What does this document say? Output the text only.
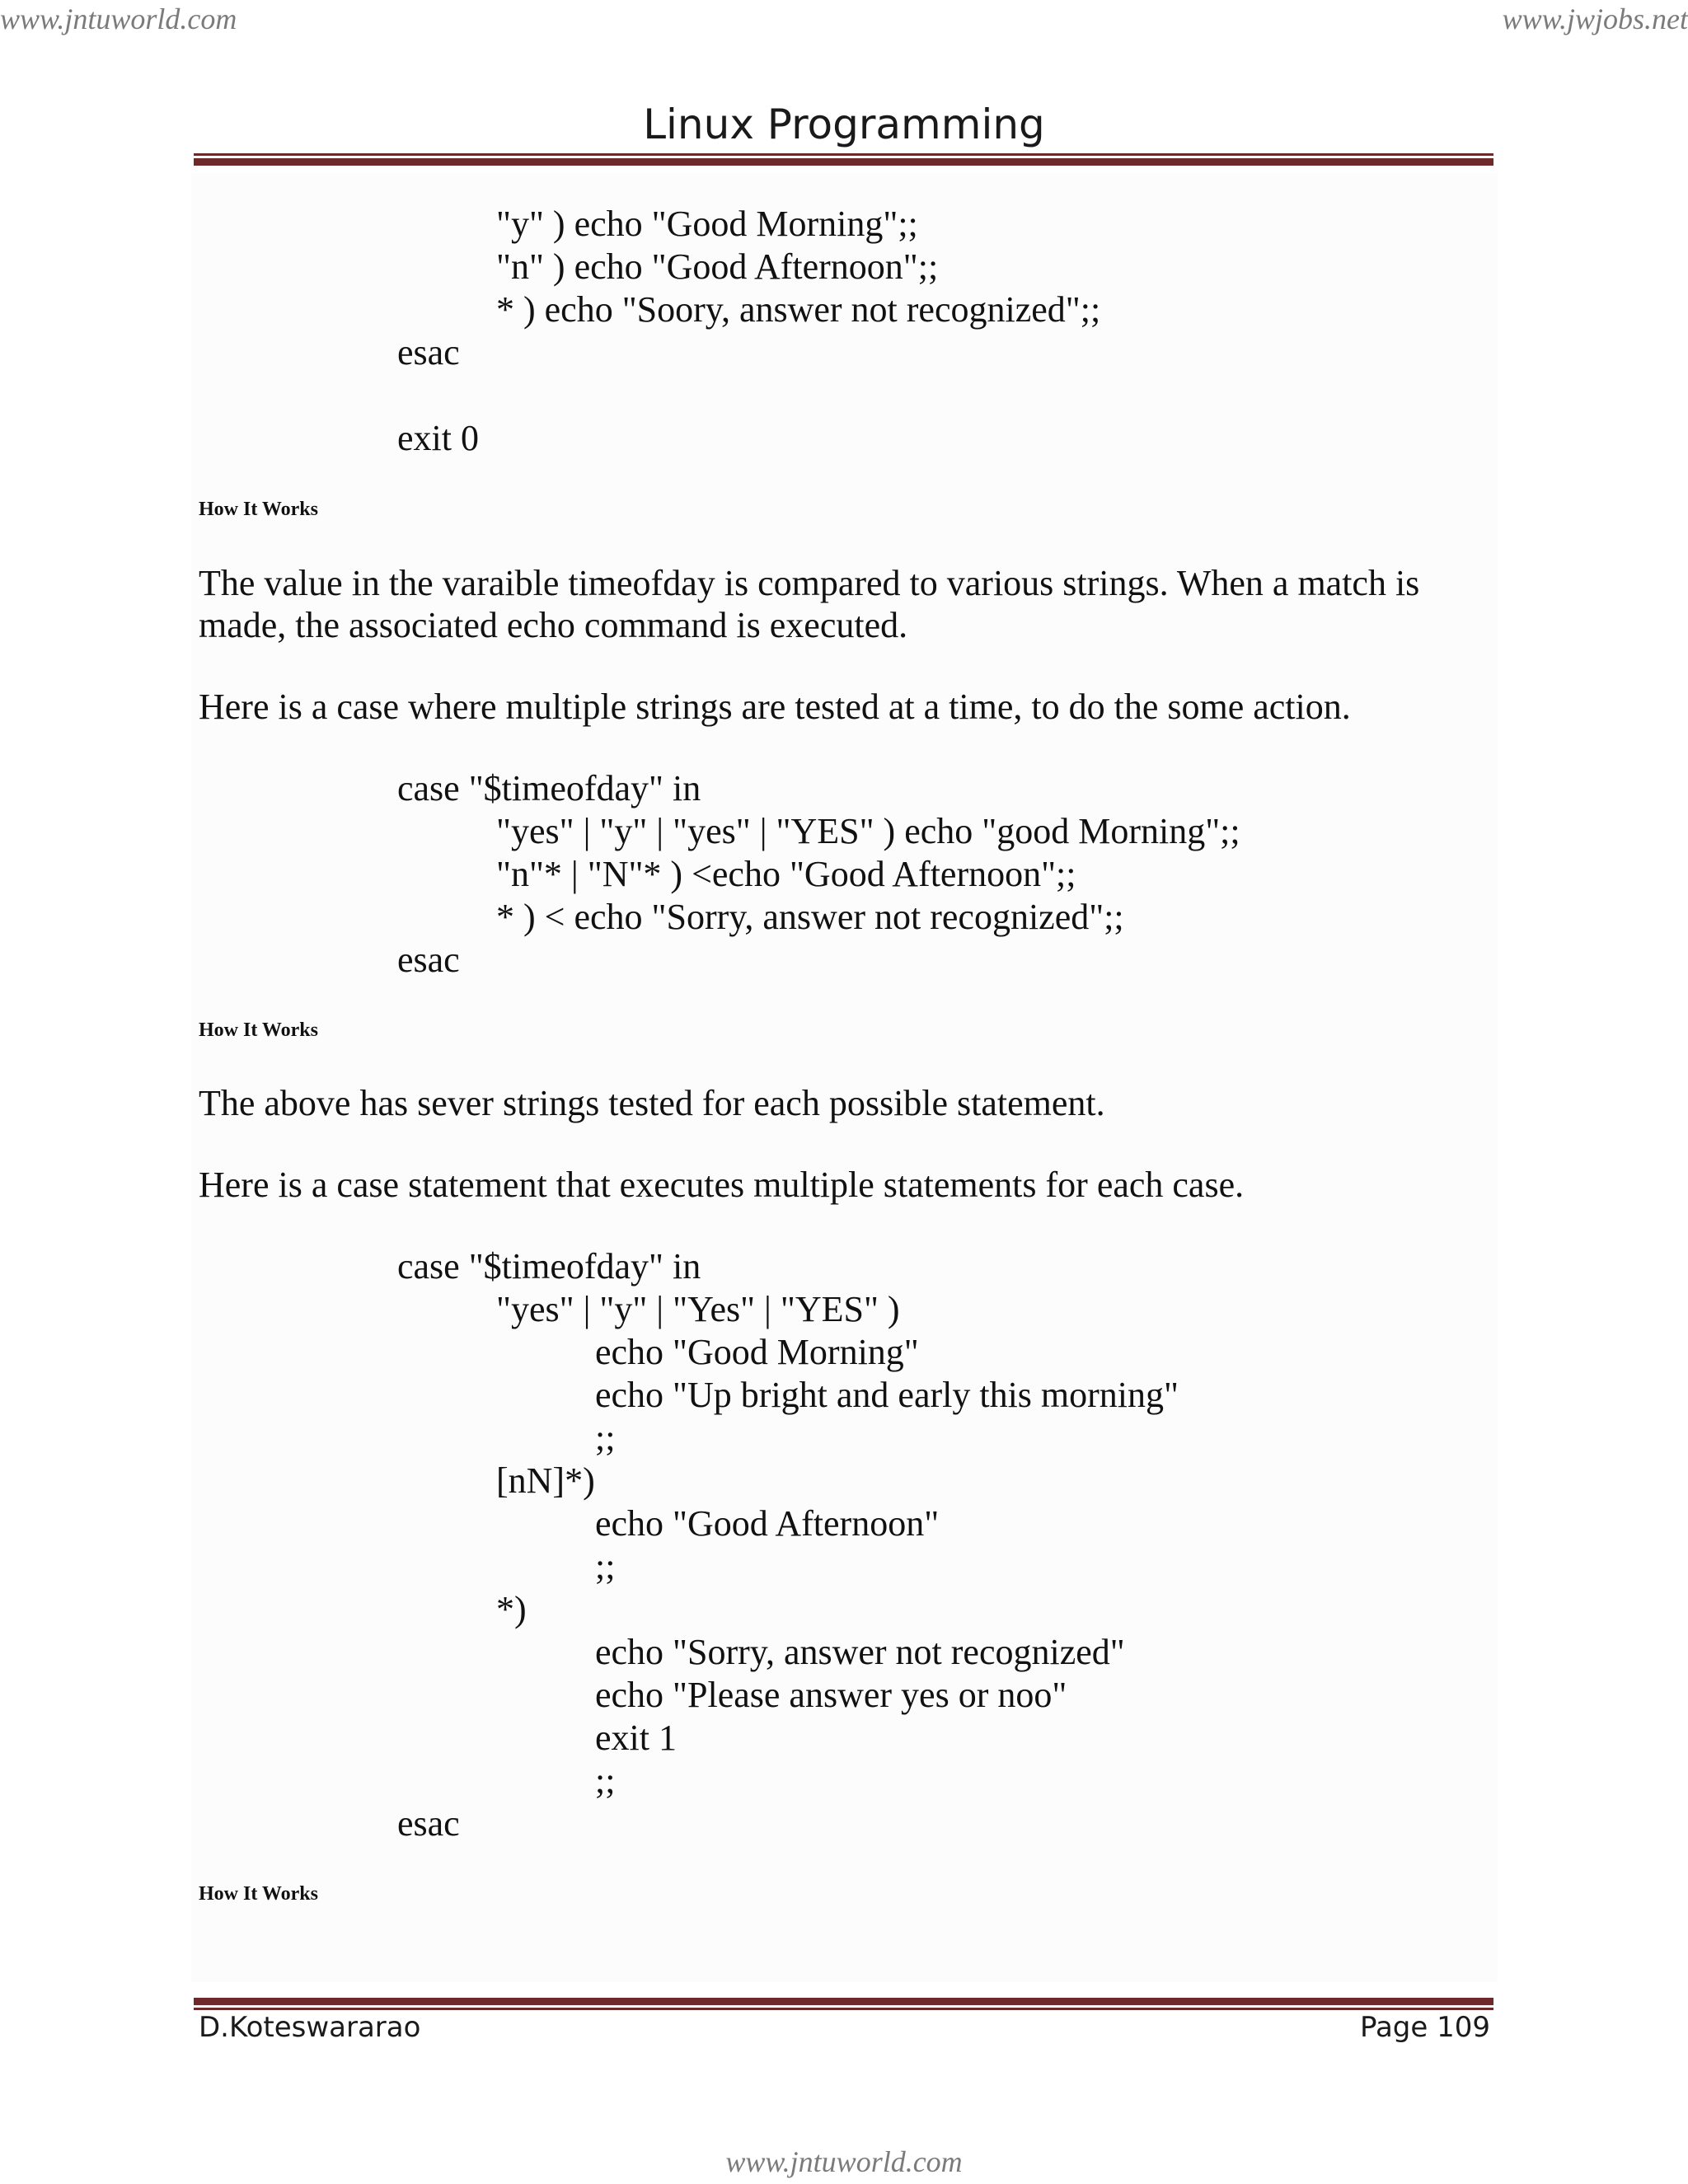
www.jntuworld.com	www.jwjobs.net
Linux Programming
"y" ) echo "Good Morning";;
"n" ) echo "Good Afternoon";;
* ) echo "Soory, answer not recognized";;
esac
exit 0
How It Works
The value in the varaible timeofday is compared to various strings. When a match is
made, the associated echo command is executed.
Here is a case where multiple strings are tested at a time, to do the some action.
case "$timeofday" in
"yes" | "y" | "yes" | "YES" ) echo "good Morning";;
"n"* | "N"* ) <echo "Good Afternoon";;
* ) < echo "Sorry, answer not recognized";;
esac
How It Works
The above has sever strings tested for each possible statement.
Here is a case statement that executes multiple statements for each case.
case "$timeofday" in
"yes" | "y" | "Yes" | "YES" )
echo "Good Morning"
echo "Up bright and early this morning"
;;
[nN]*)
echo "Good Afternoon"
;;
*)
echo "Sorry, answer not recognized"
echo "Please answer yes or noo"
exit 1
;;
esac
How It Works
D.Koteswararao	Page 109
www.jntuworld.com
